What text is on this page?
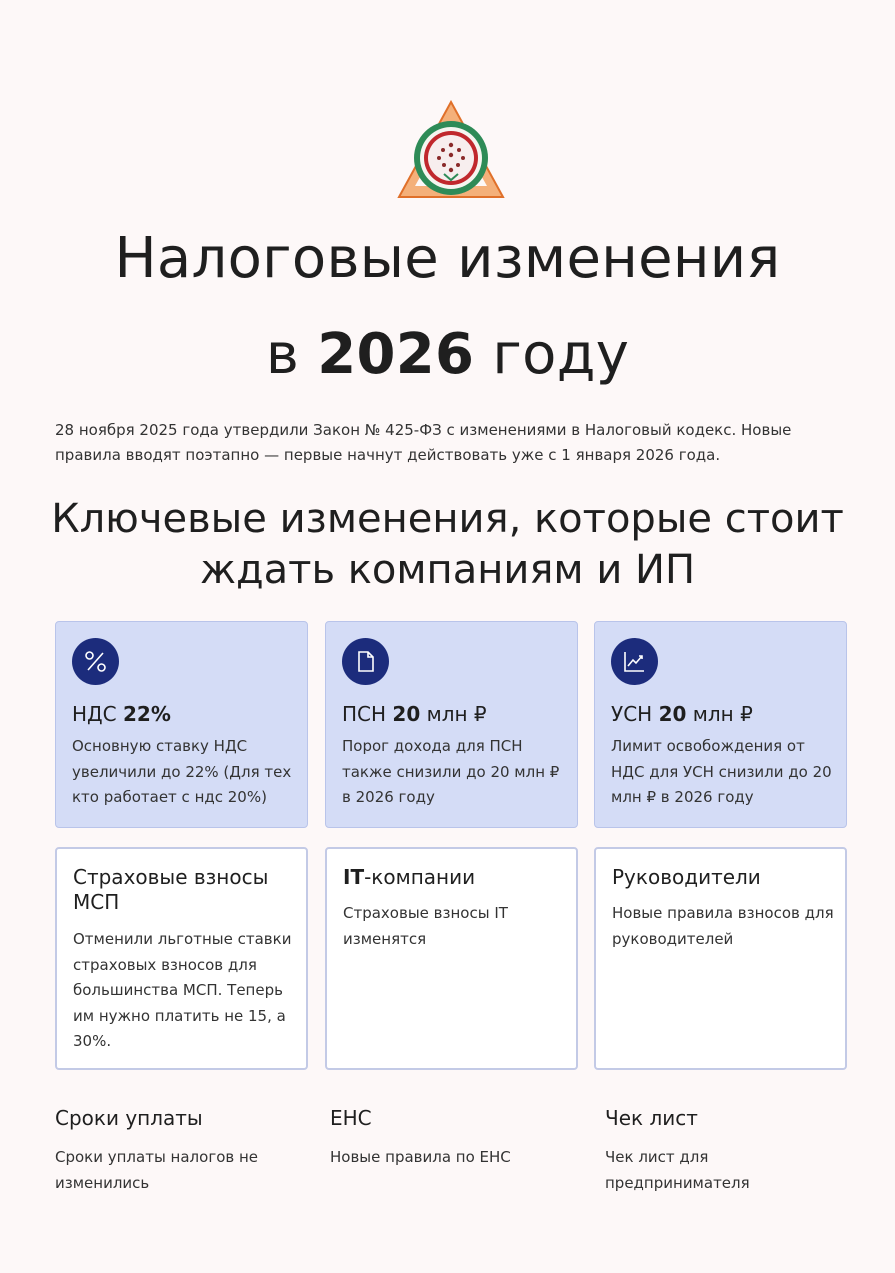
Налоговые изменения
в 2026 году

28 ноября 2025 года утвердили Закон № 425-ФЗ с изменениями в Налоговый кодекс. Новые правила вводят поэтапно — первые начнут действовать уже с 1 января 2026 года.

Ключевые изменения, которые стоит ждать компаниям и ИП
НДС 22%

Основную ставку НДС увеличили до 22% (Для тех кто работает с ндс 20%)

ПСН 20 млн ₽

Порог дохода для ПСН также снизили до 20 млн ₽ в 2026 году

УСН 20 млн ₽

Лимит освобождения от НДС для УСН снизили до 20 млн ₽ в 2026 году

Страховые взносы МСП

Отменили льготные ставки страховых взносов для большинства МСП. Теперь им нужно платить не 15, а 30%.

IT-компании

Страховые взносы IT изменятся

Руководители

Новые правила взносов для руководителей

Сроки уплаты

Сроки уплаты налогов не изменились

ЕНС

Новые правила по ЕНС

Чек лист

Чек лист для предпринимателя
